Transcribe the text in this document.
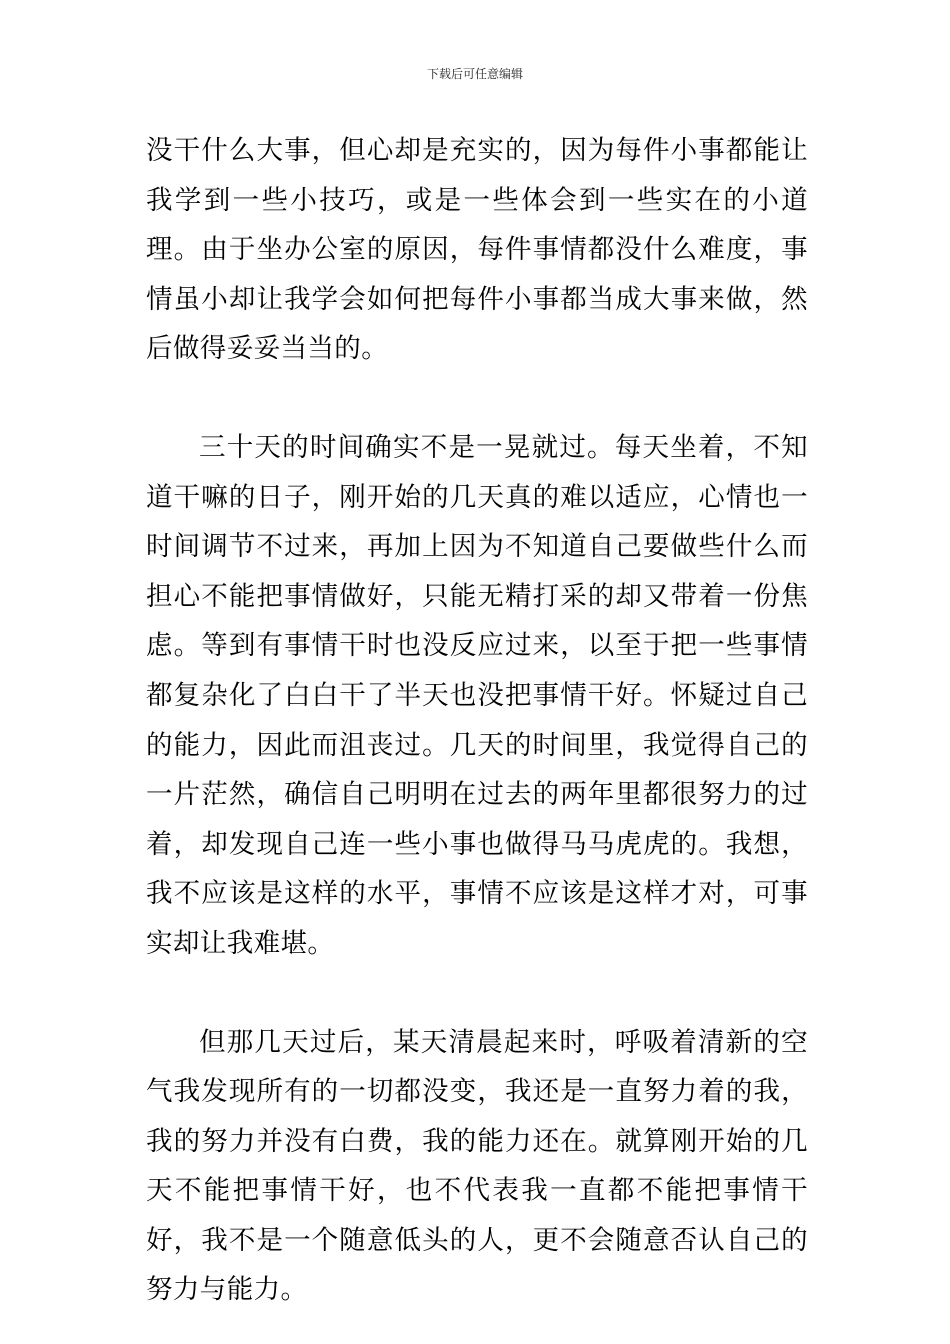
下载后可任意编辑

没干什么大事，但心却是充实的，因为每件小事都能让我学到一些小技巧，或是一些体会到一些实在的小道理。由于坐办公室的原因，每件事情都没什么难度，事情虽小却让我学会如何把每件小事都当成大事来做，然后做得妥妥当当的。

三十天的时间确实不是一晃就过。每天坐着，不知道干嘛的日子，刚开始的几天真的难以适应，心情也一时间调节不过来，再加上因为不知道自己要做些什么而担心不能把事情做好，只能无精打采的却又带着一份焦虑。等到有事情干时也没反应过来，以至于把一些事情都复杂化了白白干了半天也没把事情干好。怀疑过自己的能力，因此而沮丧过。几天的时间里，我觉得自己的一片茫然，确信自己明明在过去的两年里都很努力的过着，却发现自己连一些小事也做得马马虎虎的。我想，我不应该是这样的水平，事情不应该是这样才对，可事实却让我难堪。

但那几天过后，某天清晨起来时，呼吸着清新的空气我发现所有的一切都没变，我还是一直努力着的我，我的努力并没有白费，我的能力还在。就算刚开始的几天不能把事情干好，也不代表我一直都不能把事情干好，我不是一个随意低头的人，更不会随意否认自己的努力与能力。
